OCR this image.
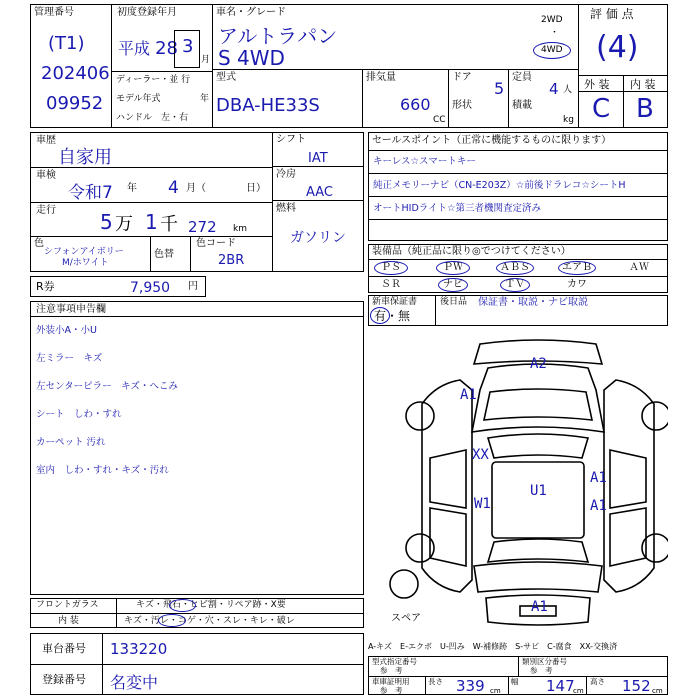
管理番号
(T1)
202406
09952
初度登録年月
平成 28 3
月
車名・グレード
アルトラパン
S 4WD
2WD
・
4WD
評 価 点
(4)
外 装 内 装
C B
ディーラー・並 行
モデル年式	年
ハンドル　左・右
型式
DBA-HE33S
排気量
660
CC
ドア
5
定員
4 人
形状	積載
kg
車歴
自家用
車検
令和7 年 4 月（	日）
走行 5 万 1 千 272 km
色
シフォンアイボリー
M/ホワイト
色替
色コード
2BR
シフト
IAT
冷房
AAC
燃料
ガソリン
セールスポイント（正常に機能するものに限ります）
キーレス☆スマートキー
純正メモリーナビ（CN-E203Z）☆前後ドラレコ☆シートH
オートHIDライト☆第三者機関査定済み
装備品（純正品に限り◎でつけてください）
ＰＳ	ＰＷ	ＡＢＳ	エアＢ	ＡＷ
ＳＲ	ナビ	ＴＶ	カワ
新車保証書
有・無
後日品 保証書・取説・ナビ取説
R券	7,950 円
注意事項申告欄
外装小A・小U
左ミラー　キズ
左センターピラー　キズ・へこみ
シート　しわ・すれ
カーペット 汚れ
室内　しわ・すれ・キズ・汚れ
A2
A1
XX
W1
U1
A1
A1
A1
スペア
フロントガラス	キズ・飛石・ヒビ割・リペア跡・X要
内 装	キズ・汚レ・コゲ・穴・スレ・キレ・破レ
車台番号 133220
登録番号 名変中
A-キズ　E-エクボ　U-凹み　W-補修跡　S-サビ　C-腐食　XX-交換済
型式指定番号
参　考
類別区分番号
参　考
車庫証明用
参　考
長さ 339 cm
幅 147
cm
高さ 152 cm
